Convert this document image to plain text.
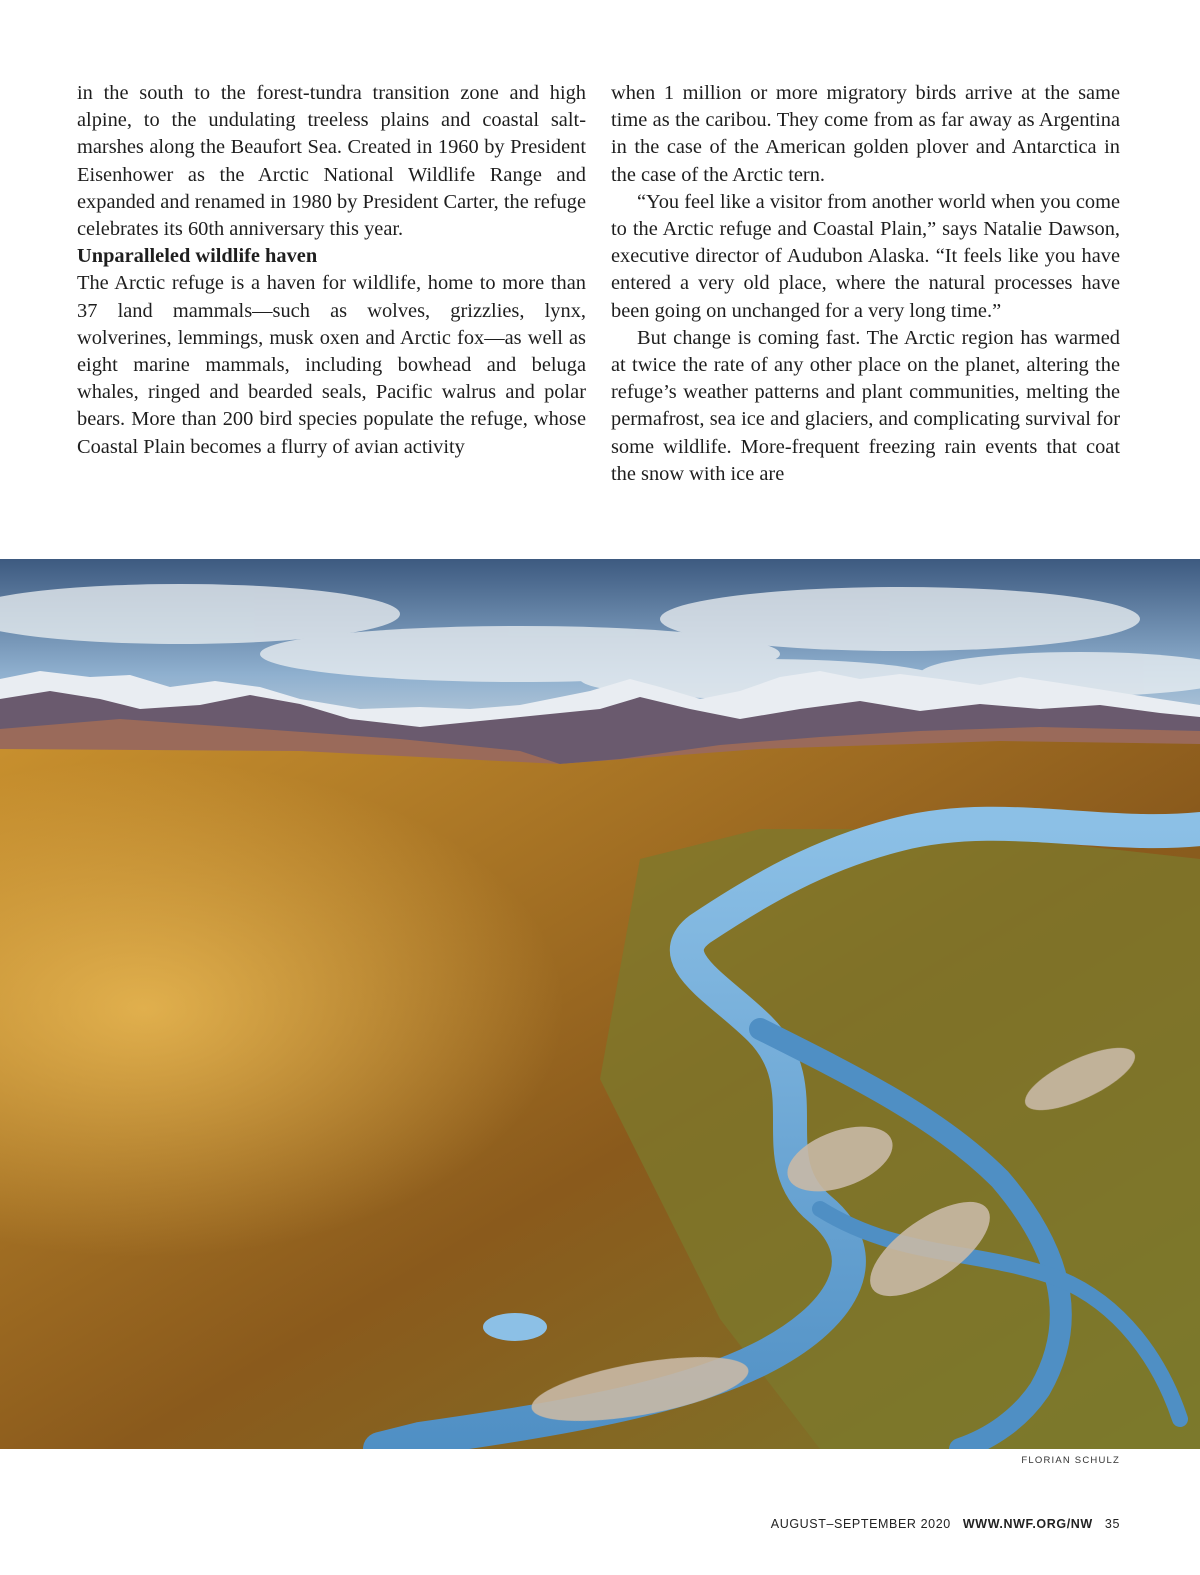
in the south to the forest-tundra transition zone and high alpine, to the undulating treeless plains and coastal saltmarshes along the Beaufort Sea. Created in 1960 by President Eisenhower as the Arctic National Wildlife Range and expanded and renamed in 1980 by President Carter, the refuge celebrates its 60th anniversary this year.

Unparalleled wildlife haven

The Arctic refuge is a haven for wildlife, home to more than 37 land mammals—such as wolves, grizzlies, lynx, wolverines, lemmings, musk oxen and Arctic fox—as well as eight marine mammals, including bowhead and beluga whales, ringed and bearded seals, Pacific walrus and polar bears. More than 200 bird species populate the refuge, whose Coastal Plain becomes a flurry of avian activity

when 1 million or more migratory birds arrive at the same time as the caribou. They come from as far away as Argentina in the case of the American golden plover and Antarctica in the case of the Arctic tern.

“You feel like a visitor from another world when you come to the Arctic refuge and Coastal Plain,” says Natalie Dawson, executive director of Audubon Alaska. “It feels like you have entered a very old place, where the natural processes have been going on unchanged for a very long time.”

But change is coming fast. The Arctic region has warmed at twice the rate of any other place on the planet, altering the refuge’s weather patterns and plant communities, melting the permafrost, sea ice and glaciers, and complicating survival for some wildlife. More-frequent freezing rain events that coat the snow with ice are

FLORIAN SCHULZ
AUGUST–SEPTEMBER 2020 WWW.NWF.ORG/NW 35
